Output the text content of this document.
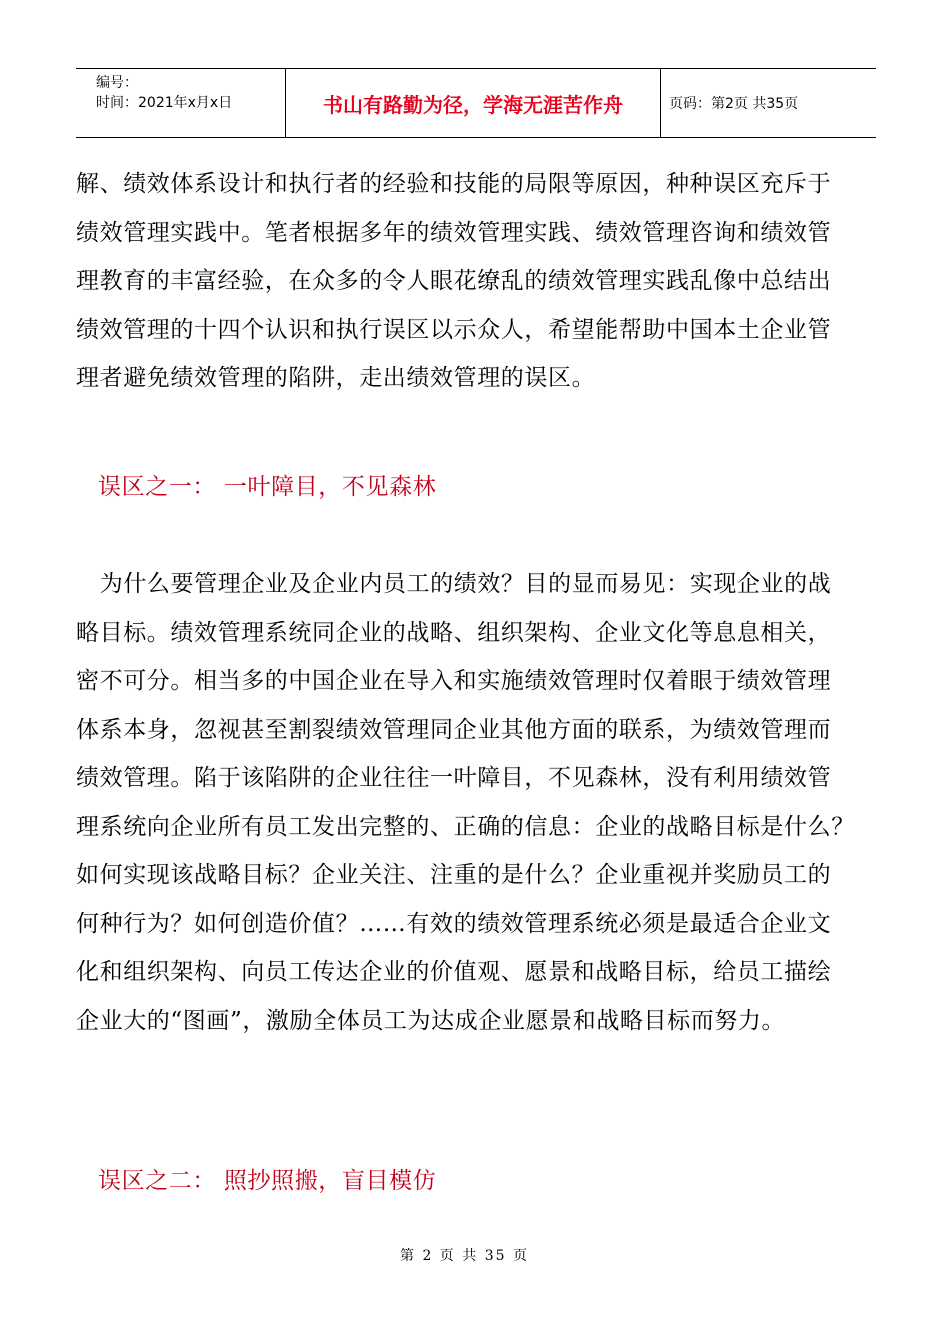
编号：
时间：2021年x月x日	书山有路勤为径，学海无涯苦作舟	页码：第2页 共35页
解、绩效体系设计和执行者的经验和技能的局限等原因，种种误区充斥于
绩效管理实践中。笔者根据多年的绩效管理实践、绩效管理咨询和绩效管
理教育的丰富经验，在众多的令人眼花缭乱的绩效管理实践乱像中总结出
绩效管理的十四个认识和执行误区以示众人，希望能帮助中国本土企业管
理者避免绩效管理的陷阱，走出绩效管理的误区。
误区之一： 一叶障目，不见森林
为什么要管理企业及企业内员工的绩效？目的显而易见：实现企业的战
略目标。绩效管理系统同企业的战略、组织架构、企业文化等息息相关，
密不可分。相当多的中国企业在导入和实施绩效管理时仅着眼于绩效管理
体系本身，忽视甚至割裂绩效管理同企业其他方面的联系，为绩效管理而
绩效管理。陷于该陷阱的企业往往一叶障目，不见森林，没有利用绩效管
理系统向企业所有员工发出完整的、正确的信息：企业的战略目标是什么？
如何实现该战略目标？企业关注、注重的是什么？企业重视并奖励员工的
何种行为？如何创造价值？……有效的绩效管理系统必须是最适合企业文
化和组织架构、向员工传达企业的价值观、愿景和战略目标，给员工描绘
企业大的“图画”，激励全体员工为达成企业愿景和战略目标而努力。
误区之二： 照抄照搬，盲目模仿
第 2 页 共 35 页
